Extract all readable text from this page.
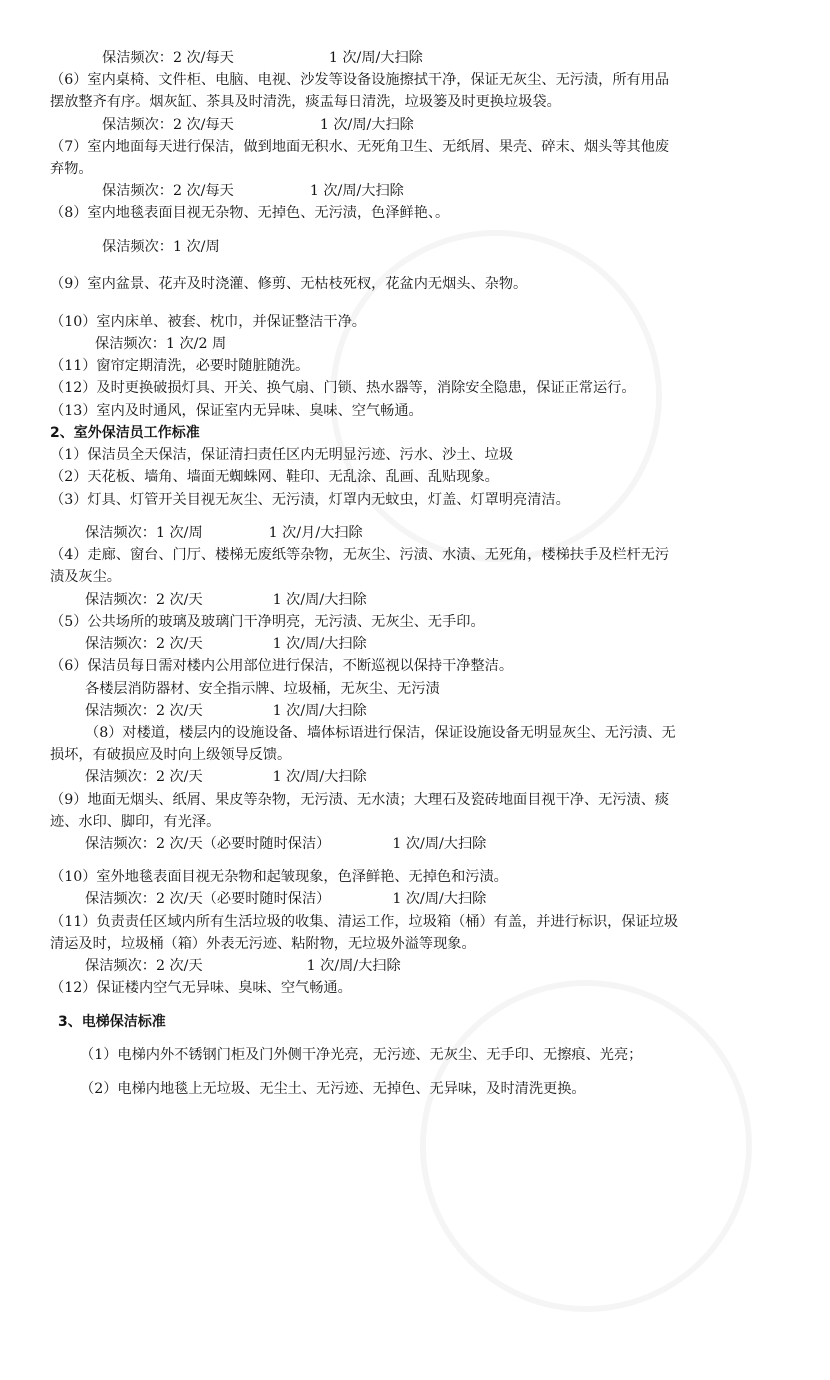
保洁频次：2 次/每天	1 次/周/大扫除
（6）室内桌椅、文件柜、电脑、电视、沙发等设备设施擦拭干净，保证无灰尘、无污渍，所有用品
摆放整齐有序。烟灰缸、茶具及时清洗，痰盂每日清洗，垃圾篓及时更换垃圾袋。
保洁频次：2 次/每天	1 次/周/大扫除
（7）室内地面每天进行保洁，做到地面无积水、无死角卫生、无纸屑、果壳、碎末、烟头等其他废
弃物。
保洁频次：2 次/每天	1 次/周/大扫除
（8）室内地毯表面目视无杂物、无掉色、无污渍，色泽鲜艳、。
保洁频次：1 次/周
（9）室内盆景、花卉及时浇灌、修剪、无枯枝死杈，花盆内无烟头、杂物。
（10）室内床单、被套、枕巾，并保证整洁干净。
保洁频次：1 次/2 周
（11）窗帘定期清洗，必要时随脏随洗。
（12）及时更换破损灯具、开关、换气扇、门锁、热水器等，消除安全隐患，保证正常运行。
（13）室内及时通风，保证室内无异味、臭味、空气畅通。
2、室外保洁员工作标准
（1）保洁员全天保洁，保证清扫责任区内无明显污迹、污水、沙土、垃圾
（2）天花板、墙角、墙面无蜘蛛网、鞋印、无乱涂、乱画、乱贴现象。
（3）灯具、灯管开关目视无灰尘、无污渍，灯罩内无蚊虫，灯盖、灯罩明亮清洁。
保洁频次：1 次/周	1 次/月/大扫除
（4）走廊、窗台、门厅、楼梯无废纸等杂物，无灰尘、污渍、水渍、无死角，楼梯扶手及栏杆无污
渍及灰尘。
保洁频次：2 次/天	1 次/周/大扫除
（5）公共场所的玻璃及玻璃门干净明亮，无污渍、无灰尘、无手印。
保洁频次：2 次/天	1 次/周/大扫除
（6）保洁员每日需对楼内公用部位进行保洁，不断巡视以保持干净整洁。
各楼层消防器材、安全指示牌、垃圾桶，无灰尘、无污渍
保洁频次：2 次/天	1 次/周/大扫除
（8）对楼道，楼层内的设施设备、墙体标语进行保洁，保证设施设备无明显灰尘、无污渍、无
损坏，有破损应及时向上级领导反馈。
保洁频次：2 次/天	1 次/周/大扫除
（9）地面无烟头、纸屑、果皮等杂物，无污渍、无水渍；大理石及瓷砖地面目视干净、无污渍、痰
迹、水印、脚印，有光泽。
保洁频次：2 次/天（必要时随时保洁）	1 次/周/大扫除
（10）室外地毯表面目视无杂物和起皱现象，色泽鲜艳、无掉色和污渍。
保洁频次：2 次/天（必要时随时保洁）	1 次/周/大扫除
（11）负责责任区域内所有生活垃圾的收集、清运工作，垃圾箱（桶）有盖，并进行标识，保证垃圾
清运及时，垃圾桶（箱）外表无污迹、粘附物，无垃圾外溢等现象。
保洁频次：2 次/天	1 次/周/大扫除
（12）保证楼内空气无异味、臭味、空气畅通。
3、电梯保洁标准
（1）电梯内外不锈钢门柜及门外侧干净光亮，无污迹、无灰尘、无手印、无擦痕、光亮；
（2）电梯内地毯上无垃圾、无尘土、无污迹、无掉色、无异味，及时清洗更换。
